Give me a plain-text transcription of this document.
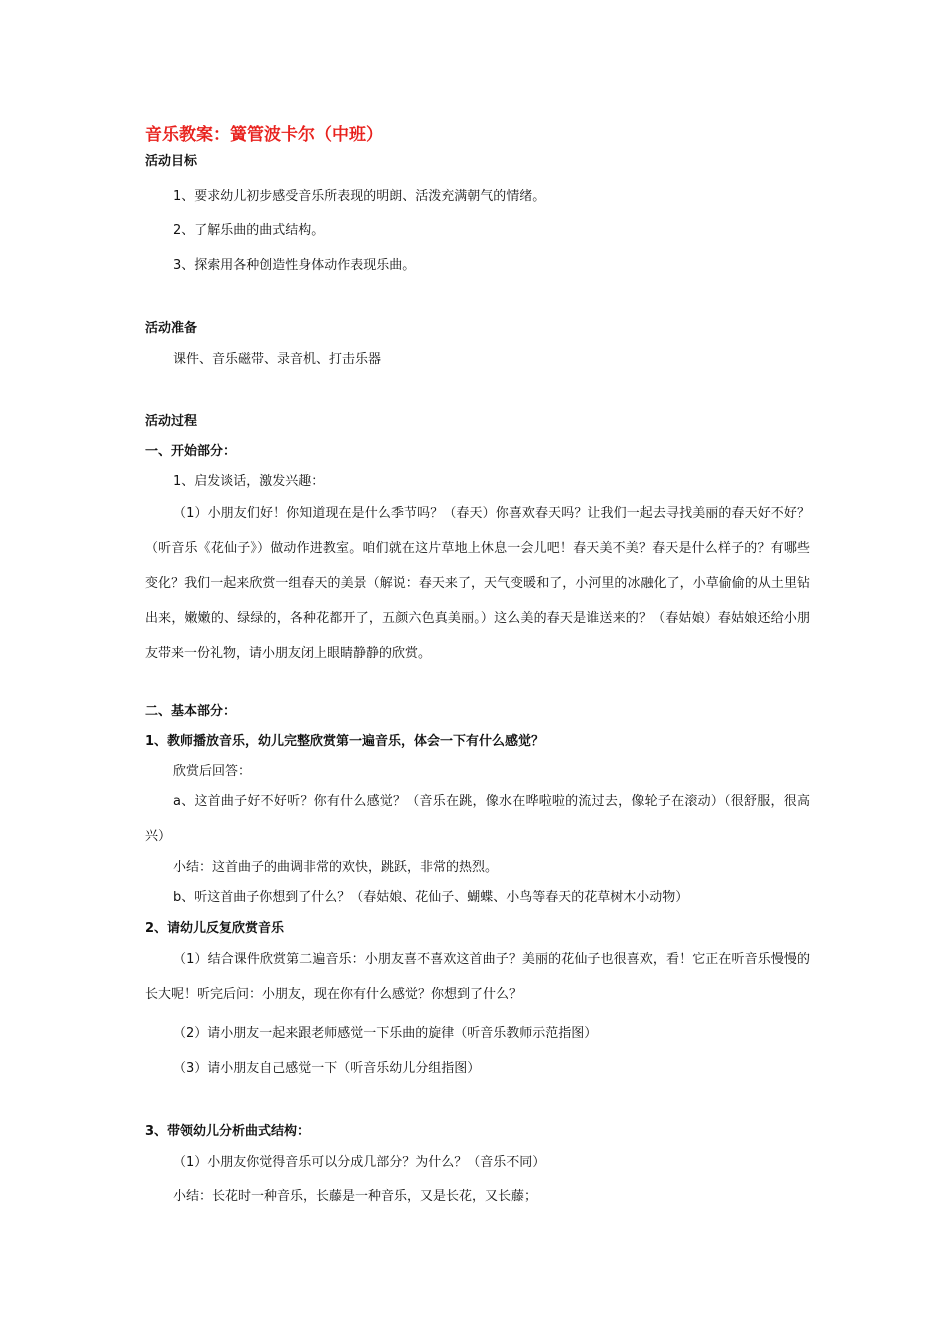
音乐教案：簧管波卡尔（中班）
活动目标
1、要求幼儿初步感受音乐所表现的明朗、活泼充满朝气的情绪。
2、了解乐曲的曲式结构。
3、探索用各种创造性身体动作表现乐曲。
活动准备
课件、音乐磁带、录音机、打击乐器
活动过程
一、开始部分：
1、启发谈话，激发兴趣：

（1）小朋友们好！你知道现在是什么季节吗？（春天）你喜欢春天吗？让我们一起去寻找美丽的春天好不好？（听音乐《花仙子》）做动作进教室。咱们就在这片草地上休息一会儿吧！春天美不美？春天是什么样子的？有哪些变化？我们一起来欣赏一组春天的美景（解说：春天来了，天气变暖和了，小河里的冰融化了，小草偷偷的从土里钻出来，嫩嫩的、绿绿的，各种花都开了，五颜六色真美丽。）这么美的春天是谁送来的？（春姑娘）春姑娘还给小朋友带来一份礼物，请小朋友闭上眼睛静静的欣赏。

二、基本部分：
1、教师播放音乐，幼儿完整欣赏第一遍音乐，体会一下有什么感觉？
欣赏后回答：

a、这首曲子好不好听？你有什么感觉？（音乐在跳，像水在哗啦啦的流过去，像轮子在滚动）（很舒服，很高兴）

小结：这首曲子的曲调非常的欢快，跳跃，非常的热烈。
b、听这首曲子你想到了什么？（春姑娘、花仙子、蝴蝶、小鸟等春天的花草树木小动物）
2、请幼儿反复欣赏音乐

（1）结合课件欣赏第二遍音乐：小朋友喜不喜欢这首曲子？美丽的花仙子也很喜欢，看！它正在听音乐慢慢的长大呢！听完后问：小朋友，现在你有什么感觉？你想到了什么？

（2）请小朋友一起来跟老师感觉一下乐曲的旋律（听音乐教师示范指图）
（3）请小朋友自己感觉一下（听音乐幼儿分组指图）
3、带领幼儿分析曲式结构：
（1）小朋友你觉得音乐可以分成几部分？为什么？（音乐不同）
小结：长花时一种音乐，长藤是一种音乐，又是长花，又长藤；
